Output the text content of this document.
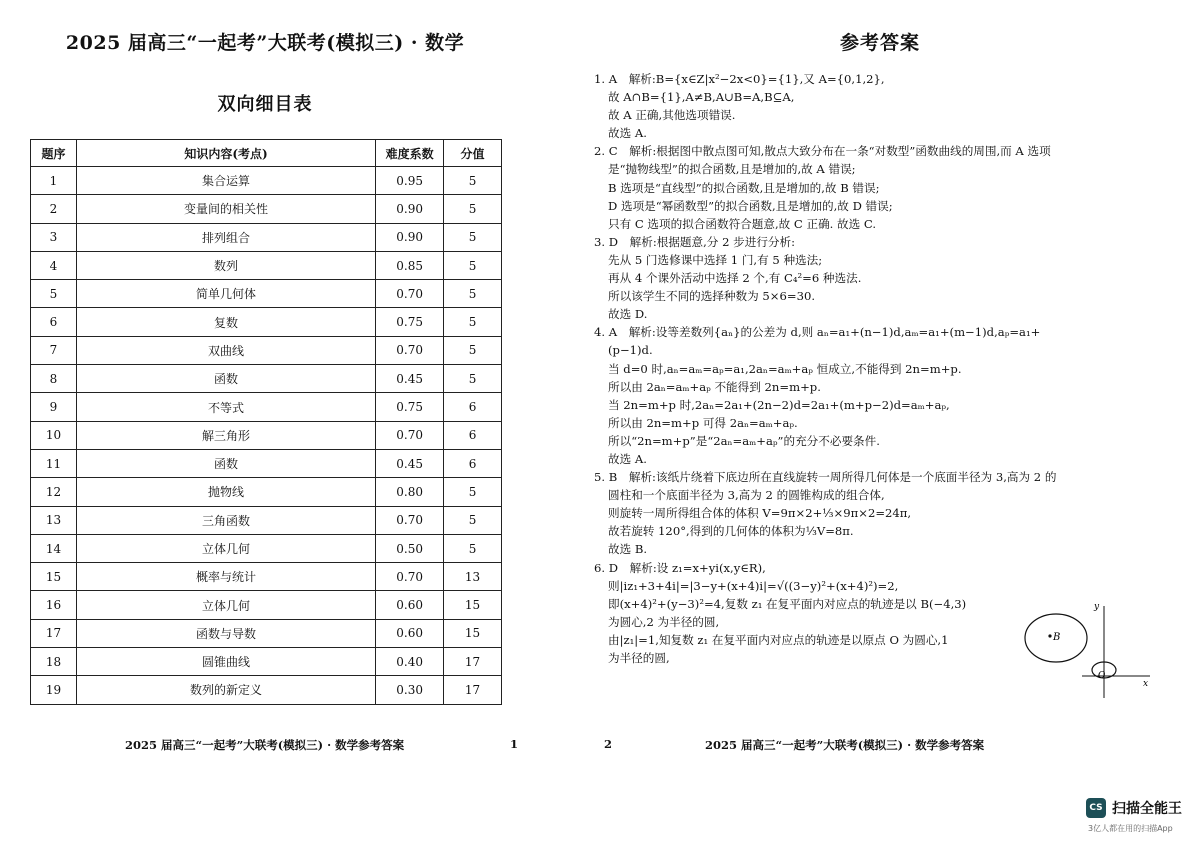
2025 届高三“一起考”大联考(模拟三) · 数学
双向细目表
题序	知识内容(考点)	难度系数	分值
1	集合运算	0.95	5
2	变量间的相关性	0.90	5
3	排列组合	0.90	5
4	数列	0.85	5
5	简单几何体	0.70	5
6	复数	0.75	5
7	双曲线	0.70	5
8	函数	0.45	5
9	不等式	0.75	6
10	解三角形	0.70	6
11	函数	0.45	6
12	抛物线	0.80	5
13	三角函数	0.70	5
14	立体几何	0.50	5
15	概率与统计	0.70	13
16	立体几何	0.60	15
17	函数与导数	0.60	15
18	圆锥曲线	0.40	17
19	数列的新定义	0.30	17
2025 届高三“一起考”大联考(模拟三) · 数学参考答案	1
参考答案
1. A　解析:B={x∈Z|x²−2x<0}={1},又 A={0,1,2},
故 A∩B={1},A≠B,A∪B=A,B⊆A,
故 A 正确,其他选项错误.
故选 A.
2. C　解析:根据图中散点图可知,散点大致分布在一条“对数型”函数曲线的周围,而 A 选项
是“抛物线型”的拟合函数,且是增加的,故 A 错误;
B 选项是“直线型”的拟合函数,且是增加的,故 B 错误;
D 选项是“幂函数型”的拟合函数,且是增加的,故 D 错误;
只有 C 选项的拟合函数符合题意,故 C 正确. 故选 C.
3. D　解析:根据题意,分 2 步进行分析:
先从 5 门选修课中选择 1 门,有 5 种选法;
再从 4 个课外活动中选择 2 个,有 C₄²=6 种选法.
所以该学生不同的选择种数为 5×6=30.
故选 D.
4. A　解析:设等差数列{aₙ}的公差为 d,则 aₙ=a₁+(n−1)d,aₘ=a₁+(m−1)d,aₚ=a₁+
(p−1)d.
当 d=0 时,aₙ=aₘ=aₚ=a₁,2aₙ=aₘ+aₚ 恒成立,不能得到 2n=m+p.
所以由 2aₙ=aₘ+aₚ 不能得到 2n=m+p.
当 2n=m+p 时,2aₙ=2a₁+(2n−2)d=2a₁+(m+p−2)d=aₘ+aₚ,
所以由 2n=m+p 可得 2aₙ=aₘ+aₚ.
所以“2n=m+p”是“2aₙ=aₘ+aₚ”的充分不必要条件.
故选 A.
5. B　解析:该纸片绕着下底边所在直线旋转一周所得几何体是一个底面半径为 3,高为 2 的
圆柱和一个底面半径为 3,高为 2 的圆锥构成的组合体,
则旋转一周所得组合体的体积 V=9π×2+⅓×9π×2=24π,
故若旋转 120°,得到的几何体的体积为⅓V=8π.
故选 B.
6. D　解析:设 z₁=x+yi(x,y∈R),
则|iz₁+3+4i|=|3−y+(x+4)i|=√((3−y)²+(x+4)²)=2,
即(x+4)²+(y−3)²=4,复数 z₁ 在复平面内对应点的轨迹是以 B(−4,3)
为圆心,2 为半径的圆,
由|z₁|=1,知复数 z₁ 在复平面内对应点的轨迹是以原点 O 为圆心,1
为半径的圆,
B
y
O
x
2	2025 届高三“一起考”大联考(模拟三) · 数学参考答案
CS 扫描全能王
3亿人都在用的扫描App
